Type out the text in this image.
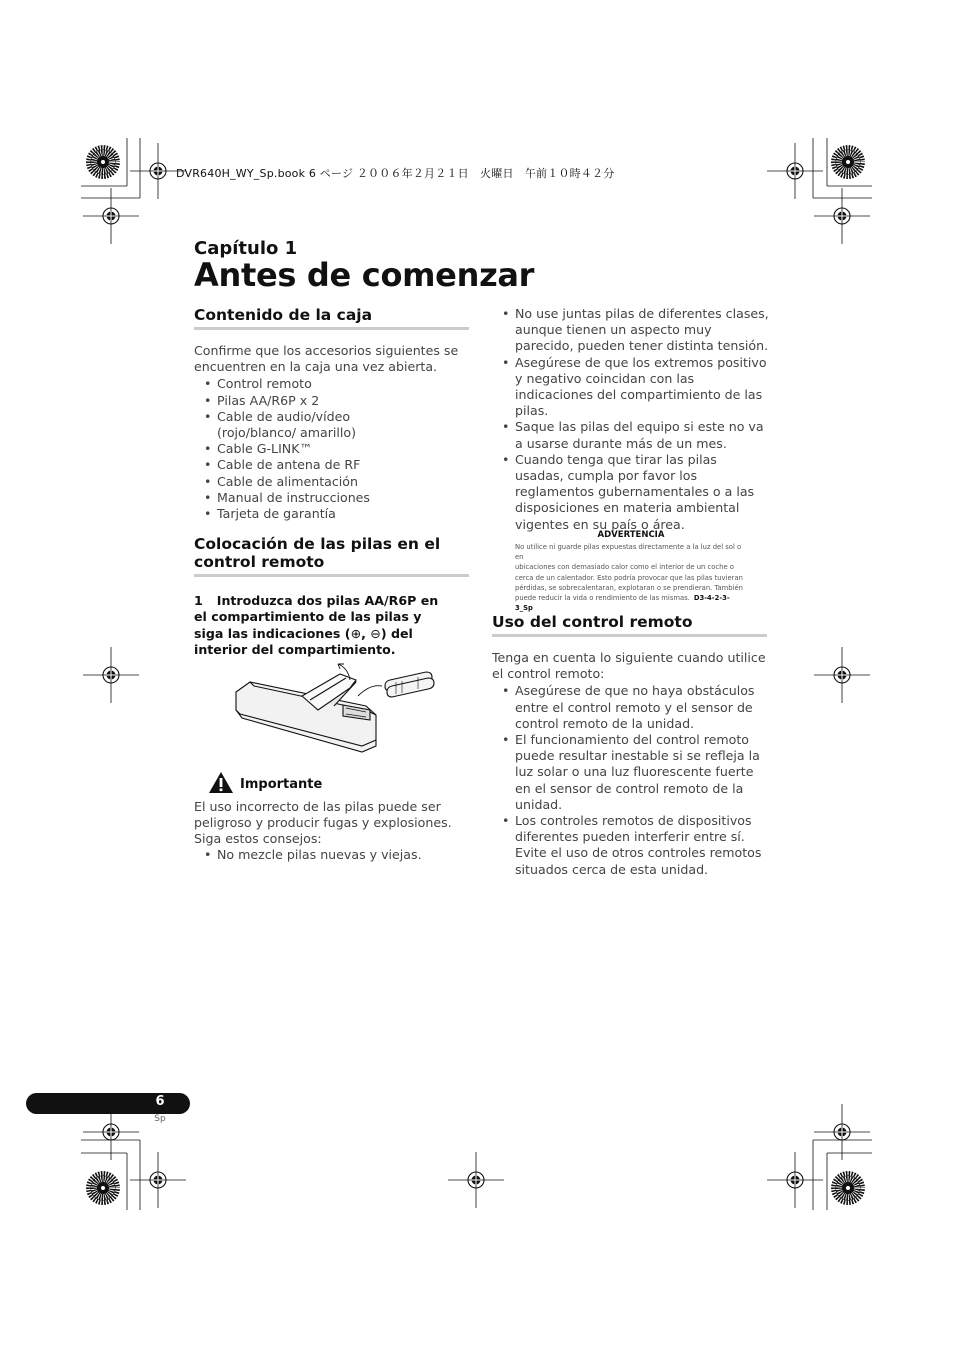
DVR640H_WY_Sp.book 6 ページ ２００６年２月２１日　火曜日　午前１０時４２分
Capítulo 1
Antes de comenzar
Contenido de la caja
Confirme que los accesorios siguientes se encuentren en la caja una vez abierta.
• Control remoto
• Pilas AA/R6P x 2
• Cable de audio/vídeo (rojo/blanco/ amarillo)
• Cable G-LINK™
• Cable de antena de RF
• Cable de alimentación
• Manual de instrucciones
• Tarjeta de garantía
Colocación de las pilas en el control remoto
1 Introduzca dos pilas AA/R6P en el compartimiento de las pilas y siga las indicaciones (⊕, ⊖) del interior del compartimiento.
Importante
El uso incorrecto de las pilas puede ser peligroso y producir fugas y explosiones. Siga estos consejos:
• No mezcle pilas nuevas y viejas.
• No use juntas pilas de diferentes clases, aunque tienen un aspecto muy parecido, pueden tener distinta tensión.
• Asegúrese de que los extremos positivo y negativo coincidan con las indicaciones del compartimiento de las pilas.
• Saque las pilas del equipo si este no va a usarse durante más de un mes.
• Cuando tenga que tirar las pilas usadas, cumpla por favor los reglamentos gubernamentales o a las disposiciones en materia ambiental vigentes en su país o área.
ADVERTENCIA
No utilice ni guarde pilas expuestas directamente a la luz del sol o en
ubicaciones con demasiado calor como el interior de un coche o
cerca de un calentador. Esto podría provocar que las pilas tuvieran
pérdidas, se sobrecalentaran, explotaran o se prendieran. También
puede reducir la vida o rendimiento de las mismas. D3-4-2-3-3_Sp
Uso del control remoto
Tenga en cuenta lo siguiente cuando utilice el control remoto:
• Asegúrese de que no haya obstáculos entre el control remoto y el sensor de control remoto de la unidad.
• El funcionamiento del control remoto puede resultar inestable si se refleja la luz solar o una luz fluorescente fuerte en el sensor de control remoto de la unidad.
• Los controles remotos de dispositivos diferentes pueden interferir entre sí. Evite el uso de otros controles remotos situados cerca de esta unidad.
6
Sp
